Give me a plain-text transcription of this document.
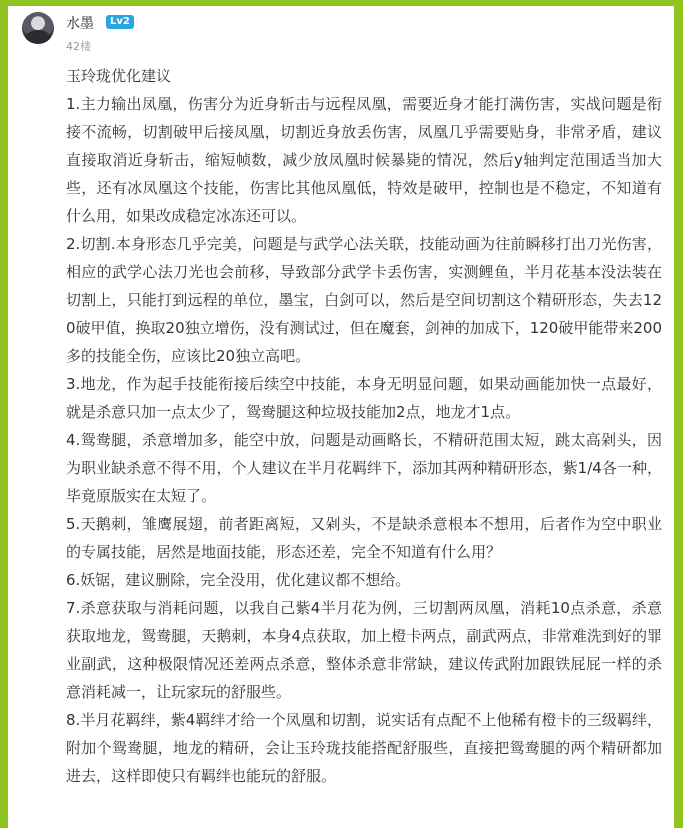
水墨	Lv2
42楼

玉玲珑优化建议

1.主力输出凤凰，伤害分为近身斩击与远程凤凰，需要近身才能打满伤害，实战问题是衔接不流畅，切割破甲后接凤凰，切割近身放丢伤害，凤凰几乎需要贴身，非常矛盾，建议直接取消近身斩击，缩短帧数，减少放凤凰时候暴毙的情况，然后y轴判定范围适当加大些，还有冰凤凰这个技能，伤害比其他凤凰低，特效是破甲，控制也是不稳定，不知道有什么用，如果改成稳定冰冻还可以。

2.切割.本身形态几乎完美，问题是与武学心法关联，技能动画为往前瞬移打出刀光伤害，相应的武学心法刀光也会前移，导致部分武学卡丢伤害，实测鲤鱼，半月花基本没法装在切割上，只能打到远程的单位，墨宝，白剑可以，然后是空间切割这个精研形态，失去120破甲值，换取20独立增伤，没有测试过，但在魔套，剑神的加成下，120破甲能带来200多的技能全伤，应该比20独立高吧。

3.地龙，作为起手技能衔接后续空中技能，本身无明显问题，如果动画能加快一点最好，就是杀意只加一点太少了，鸳鸯腿这种垃圾技能加2点，地龙才1点。

4.鸳鸯腿，杀意增加多，能空中放，问题是动画略长，不精研范围太短，跳太高剁头，因为职业缺杀意不得不用，个人建议在半月花羁绊下，添加其两种精研形态，紫1/4各一种，毕竟原版实在太短了。

5.天鹅刺，雏鹰展翅，前者距离短，又剁头，不是缺杀意根本不想用，后者作为空中职业的专属技能，居然是地面技能，形态还差，完全不知道有什么用？

6.妖锯，建议删除，完全没用，优化建议都不想给。

7.杀意获取与消耗问题，以我自己紫4半月花为例，三切割两凤凰，消耗10点杀意，杀意获取地龙，鸳鸯腿，天鹅刺，本身4点获取，加上橙卡两点，副武两点，非常难洗到好的罪业副武，这种极限情况还差两点杀意，整体杀意非常缺，建议传武附加跟铁屁屁一样的杀意消耗减一，让玩家玩的舒服些。

8.半月花羁绊，紫4羁绊才给一个凤凰和切割，说实话有点配不上他稀有橙卡的三级羁绊，附加个鸳鸯腿，地龙的精研，会让玉玲珑技能搭配舒服些，直接把鸳鸯腿的两个精研都加进去，这样即使只有羁绊也能玩的舒服。
